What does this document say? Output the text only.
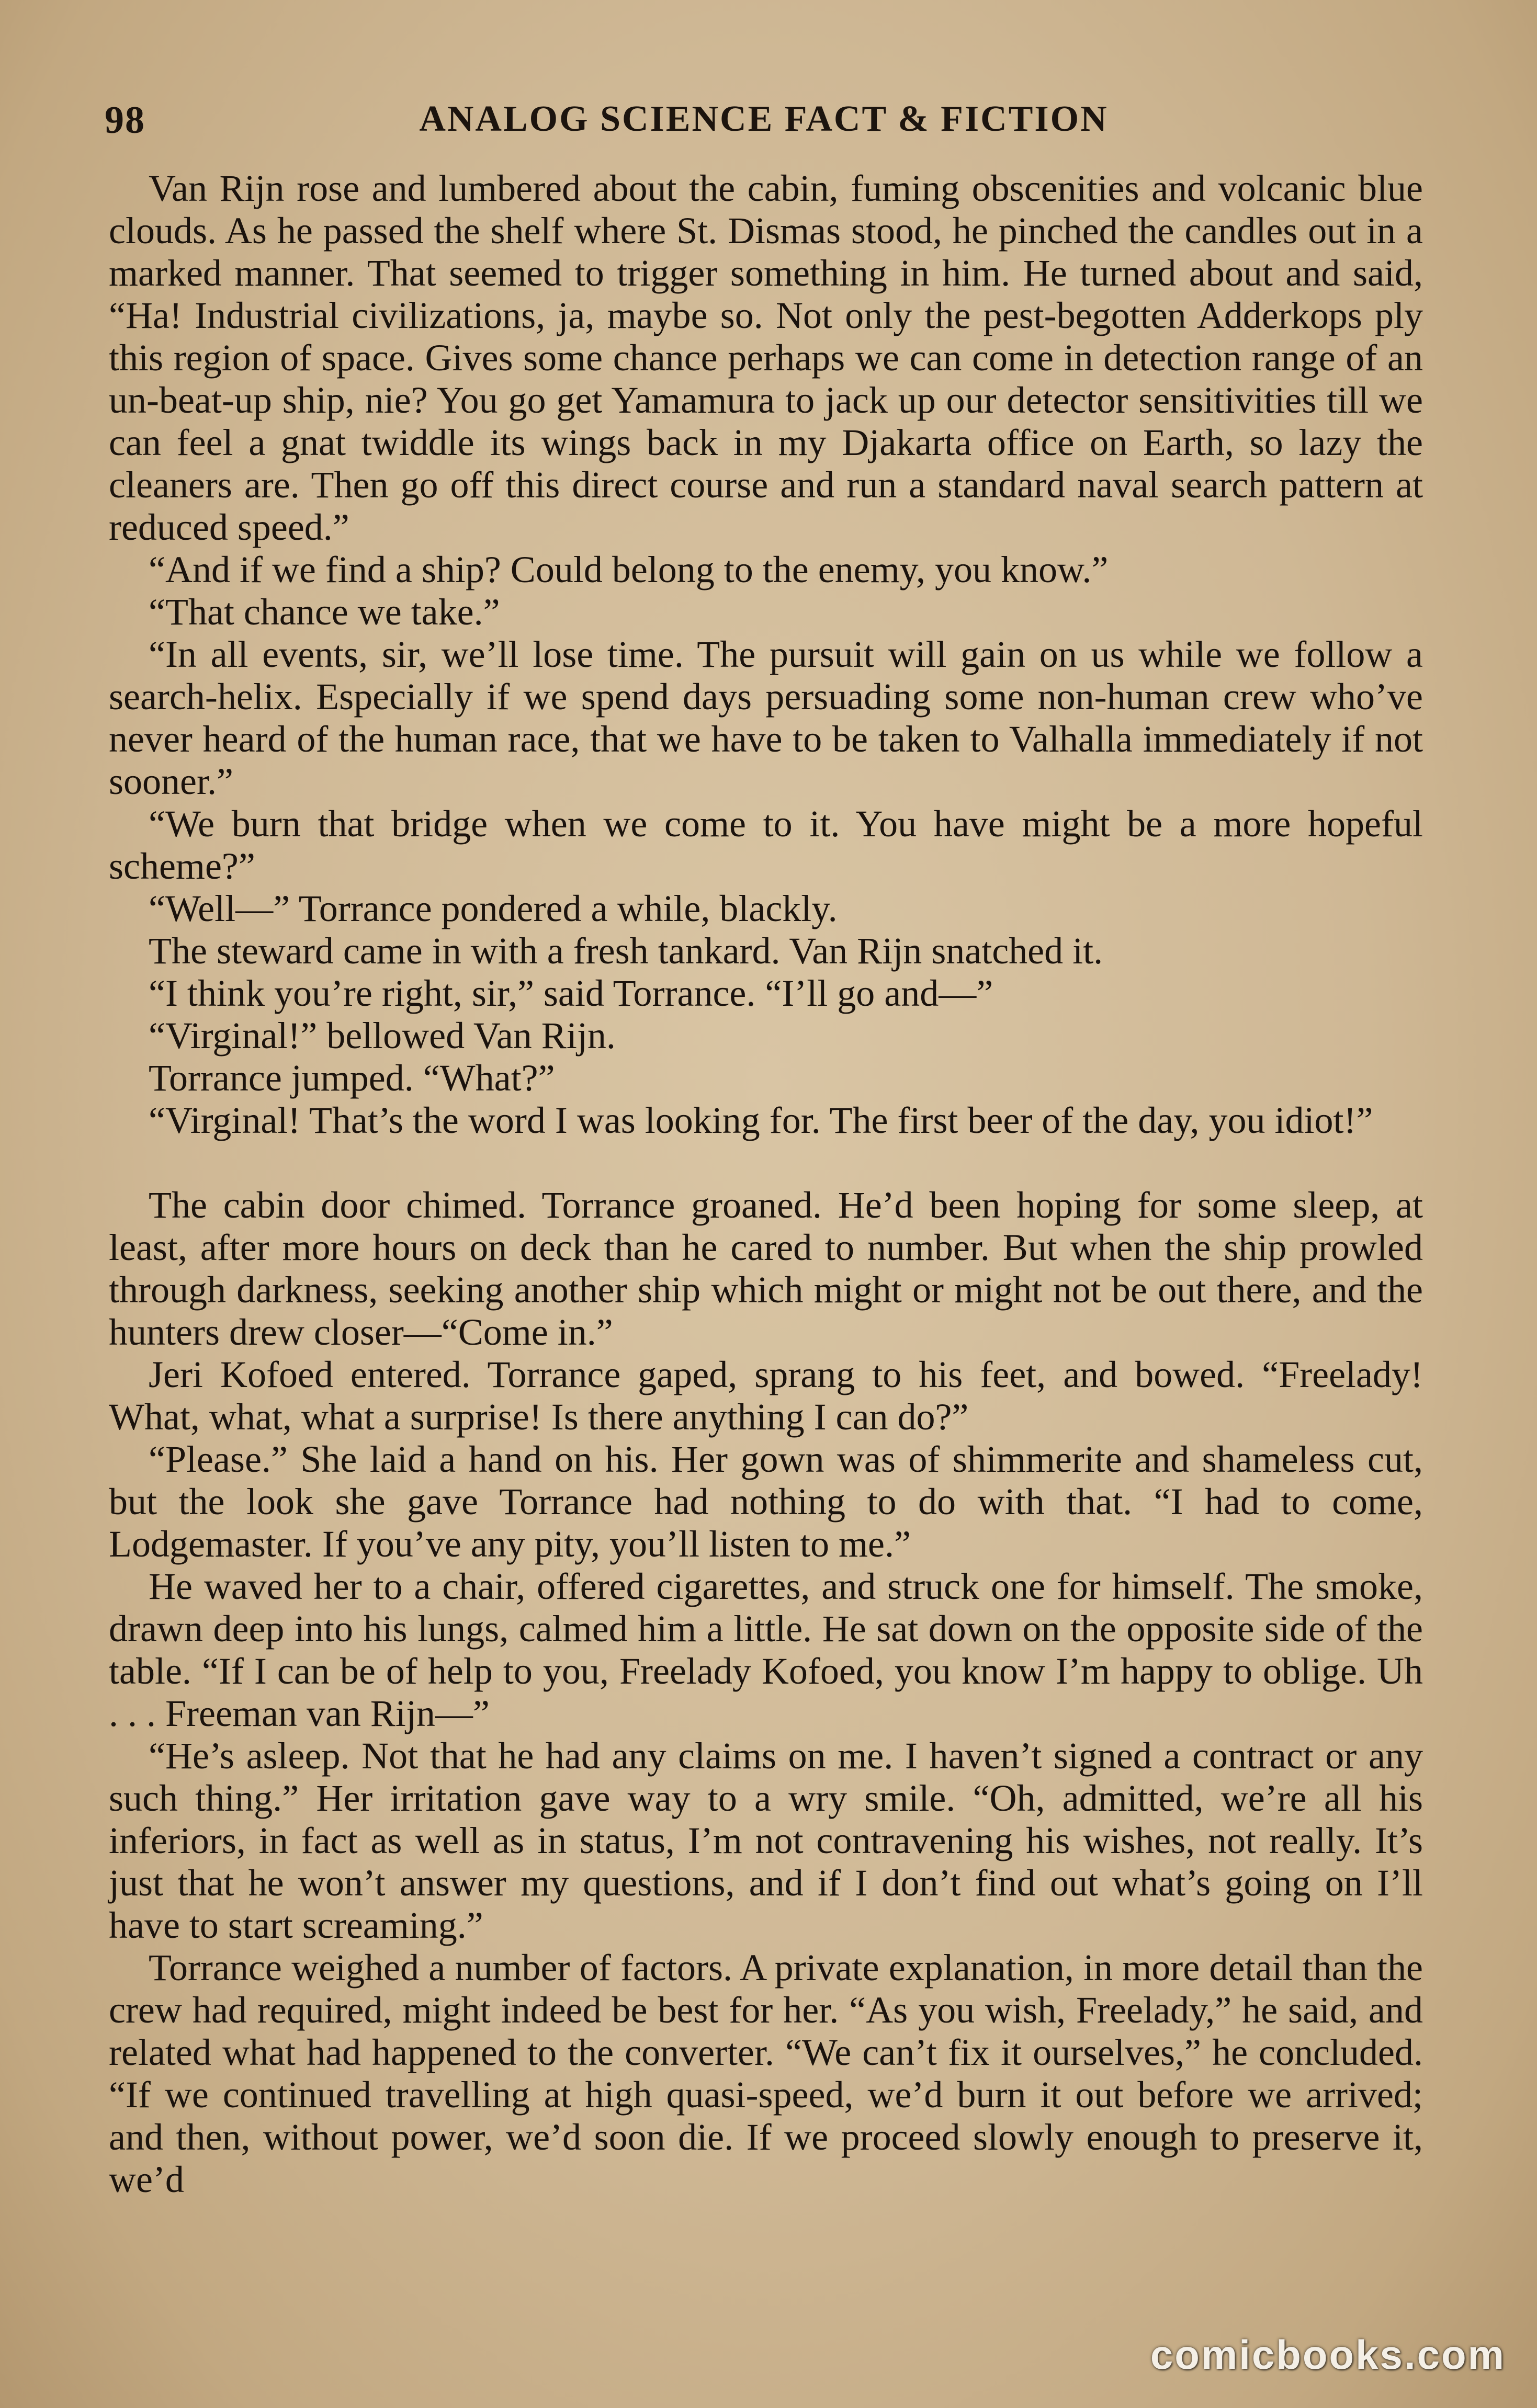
98	ANALOG SCIENCE FACT & FICTION

Van Rijn rose and lumbered about the cabin, fuming obscenities and volcanic blue clouds. As he passed the shelf where St. Dismas stood, he pinched the candles out in a marked manner. That seemed to trigger something in him. He turned about and said, “Ha! Industrial civilizations, ja, maybe so. Not only the pest-begotten Adderkops ply this region of space. Gives some chance perhaps we can come in detection range of an un-beat-up ship, nie? You go get Yamamura to jack up our detector sensitivities till we can feel a gnat twiddle its wings back in my Djakarta office on Earth, so lazy the cleaners are. Then go off this direct course and run a standard naval search pattern at reduced speed.”

“And if we find a ship? Could belong to the enemy, you know.”

“That chance we take.”

“In all events, sir, we’ll lose time. The pursuit will gain on us while we follow a search-helix. Especially if we spend days persuading some non-human crew who’ve never heard of the human race, that we have to be taken to Valhalla immediately if not sooner.”

“We burn that bridge when we come to it. You have might be a more hopeful scheme?”

“Well—” Torrance pondered a while, blackly.

The steward came in with a fresh tankard. Van Rijn snatched it.

“I think you’re right, sir,” said Torrance. “I’ll go and—”

“Virginal!” bellowed Van Rijn.

Torrance jumped. “What?”

“Virginal! That’s the word I was looking for. The first beer of the day, you idiot!”

The cabin door chimed. Torrance groaned. He’d been hoping for some sleep, at least, after more hours on deck than he cared to number. But when the ship prowled through darkness, seeking another ship which might or might not be out there, and the hunters drew closer—“Come in.”

Jeri Kofoed entered. Torrance gaped, sprang to his feet, and bowed. “Freelady! What, what, what a surprise! Is there anything I can do?”

“Please.” She laid a hand on his. Her gown was of shimmerite and shameless cut, but the look she gave Torrance had nothing to do with that. “I had to come, Lodgemaster. If you’ve any pity, you’ll listen to me.”

He waved her to a chair, offered cigarettes, and struck one for himself. The smoke, drawn deep into his lungs, calmed him a little. He sat down on the opposite side of the table. “If I can be of help to you, Freelady Kofoed, you know I’m happy to oblige. Uh . . . Freeman van Rijn—”

“He’s asleep. Not that he had any claims on me. I haven’t signed a contract or any such thing.” Her irritation gave way to a wry smile. “Oh, admitted, we’re all his inferiors, in fact as well as in status, I’m not contravening his wishes, not really. It’s just that he won’t answer my questions, and if I don’t find out what’s going on I’ll have to start screaming.”

Torrance weighed a number of factors. A private explanation, in more detail than the crew had required, might indeed be best for her. “As you wish, Freelady,” he said, and related what had happened to the converter. “We can’t fix it ourselves,” he concluded. “If we continued travelling at high quasi-speed, we’d burn it out before we arrived; and then, without power, we’d soon die. If we proceed slowly enough to preserve it, we’d

comicbooks.com
